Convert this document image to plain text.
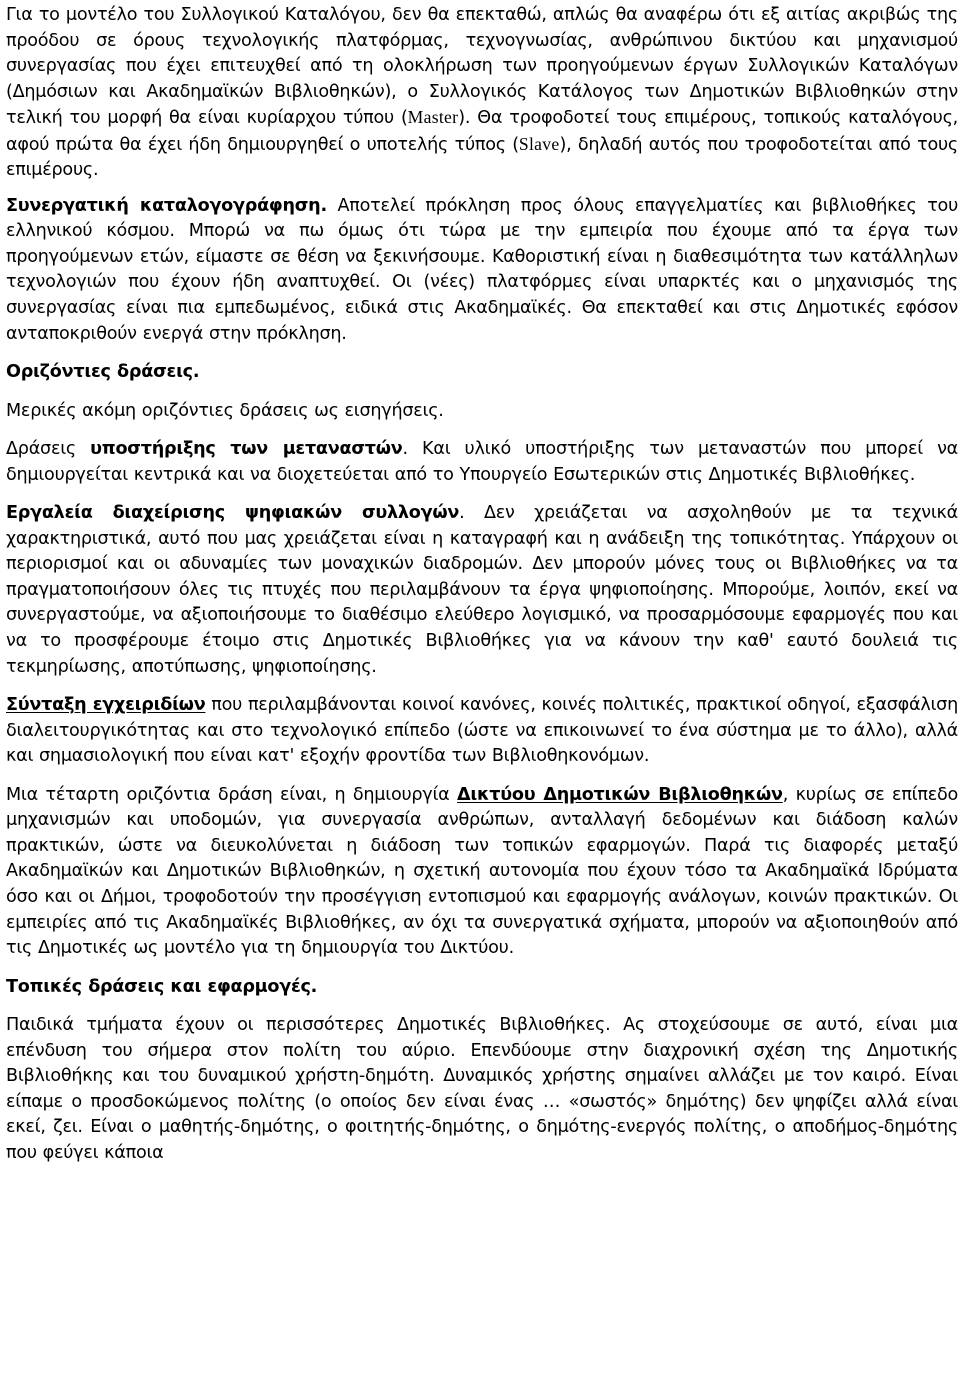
Για το μοντέλο του Συλλογικού Καταλόγου, δεν θα επεκταθώ, απλώς θα αναφέρω ότι εξ αιτίας ακριβώς της προόδου σε όρους τεχνολογικής πλατφόρμας, τεχνογνωσίας, ανθρώπινου δικτύου και μηχανισμού συνεργασίας που έχει επιτευχθεί από τη ολοκλήρωση των προηγούμενων έργων Συλλογικών Καταλόγων (Δημόσιων και Ακαδημαϊκών Βιβλιοθηκών), ο Συλλογικός Κατάλογος των Δημοτικών Βιβλιοθηκών στην τελική του μορφή θα είναι κυρίαρχου τύπου (Master). Θα τροφοδοτεί τους επιμέρους, τοπικούς καταλόγους, αφού πρώτα θα έχει ήδη δημιουργηθεί ο υποτελής τύπος (Slave), δηλαδή αυτός που τροφοδοτείται από τους επιμέρους.

Συνεργατική καταλογογράφηση. Αποτελεί πρόκληση προς όλους επαγγελματίες και βιβλιοθήκες του ελληνικού κόσμου. Μπορώ να πω όμως ότι τώρα με την εμπειρία που έχουμε από τα έργα των προηγούμενων ετών, είμαστε σε θέση να ξεκινήσουμε. Καθοριστική είναι η διαθεσιμότητα των κατάλληλων τεχνολογιών που έχουν ήδη αναπτυχθεί. Οι (νέες) πλατφόρμες είναι υπαρκτές και ο μηχανισμός της συνεργασίας είναι πια εμπεδωμένος, ειδικά στις Ακαδημαϊκές. Θα επεκταθεί και στις Δημοτικές εφόσον ανταποκριθούν ενεργά στην πρόκληση.

Οριζόντιες δράσεις.

Μερικές ακόμη οριζόντιες δράσεις ως εισηγήσεις.

Δράσεις υποστήριξης των μεταναστών. Και υλικό υποστήριξης των μεταναστών που μπορεί να δημιουργείται κεντρικά και να διοχετεύεται από το Υπουργείο Εσωτερικών στις Δημοτικές Βιβλιοθήκες.

Εργαλεία διαχείρισης ψηφιακών συλλογών. Δεν χρειάζεται να ασχοληθούν με τα τεχνικά χαρακτηριστικά, αυτό που μας χρειάζεται είναι η καταγραφή και η ανάδειξη της τοπικότητας. Υπάρχουν οι περιορισμοί και οι αδυναμίες των μοναχικών διαδρομών. Δεν μπορούν μόνες τους οι Βιβλιοθήκες να τα πραγματοποιήσουν όλες τις πτυχές που περιλαμβάνουν τα έργα ψηφιοποίησης. Μπορούμε, λοιπόν, εκεί να συνεργαστούμε, να αξιοποιήσουμε το διαθέσιμο ελεύθερο λογισμικό, να προσαρμόσουμε εφαρμογές που και να το προσφέρουμε έτοιμο στις Δημοτικές Βιβλιοθήκες για να κάνουν την καθ' εαυτό δουλειά τις τεκμηρίωσης, αποτύπωσης, ψηφιοποίησης.

Σύνταξη εγχειριδίων που περιλαμβάνονται κοινοί κανόνες, κοινές πολιτικές, πρακτικοί οδηγοί, εξασφάλιση διαλειτουργικότητας και στο τεχνολογικό επίπεδο (ώστε να επικοινωνεί το ένα σύστημα με το άλλο), αλλά και σημασιολογική που είναι κατ' εξοχήν φροντίδα των Βιβλιοθηκονόμων.

Μια τέταρτη οριζόντια δράση είναι, η δημιουργία Δικτύου Δημοτικών Βιβλιοθηκών, κυρίως σε επίπεδο μηχανισμών και υποδομών, για συνεργασία ανθρώπων, ανταλλαγή δεδομένων και διάδοση καλών πρακτικών, ώστε να διευκολύνεται η διάδοση των τοπικών εφαρμογών. Παρά τις διαφορές μεταξύ Ακαδημαϊκών και Δημοτικών Βιβλιοθηκών, η σχετική αυτονομία που έχουν τόσο τα Ακαδημαϊκά Ιδρύματα όσο και οι Δήμοι, τροφοδοτούν την προσέγγιση εντοπισμού και εφαρμογής ανάλογων, κοινών πρακτικών. Οι εμπειρίες από τις Ακαδημαϊκές Βιβλιοθήκες, αν όχι τα συνεργατικά σχήματα, μπορούν να αξιοποιηθούν από τις Δημοτικές ως μοντέλο για τη δημιουργία του Δικτύου.

Τοπικές δράσεις και εφαρμογές.

Παιδικά τμήματα έχουν οι περισσότερες Δημοτικές Βιβλιοθήκες. Ας στοχεύσουμε σε αυτό, είναι μια επένδυση του σήμερα στον πολίτη του αύριο. Επενδύουμε στην διαχρονική σχέση της Δημοτικής Βιβλιοθήκης και του δυναμικού χρήστη-δημότη. Δυναμικός χρήστης σημαίνει αλλάζει με τον καιρό. Είναι είπαμε ο προσδοκώμενος πολίτης (ο οποίος δεν είναι ένας … «σωστός» δημότης) δεν ψηφίζει αλλά είναι εκεί, ζει. Είναι ο μαθητής-δημότης, ο φοιτητής-δημότης, ο δημότης-ενεργός πολίτης, ο αποδήμος-δημότης που φεύγει κάποια
